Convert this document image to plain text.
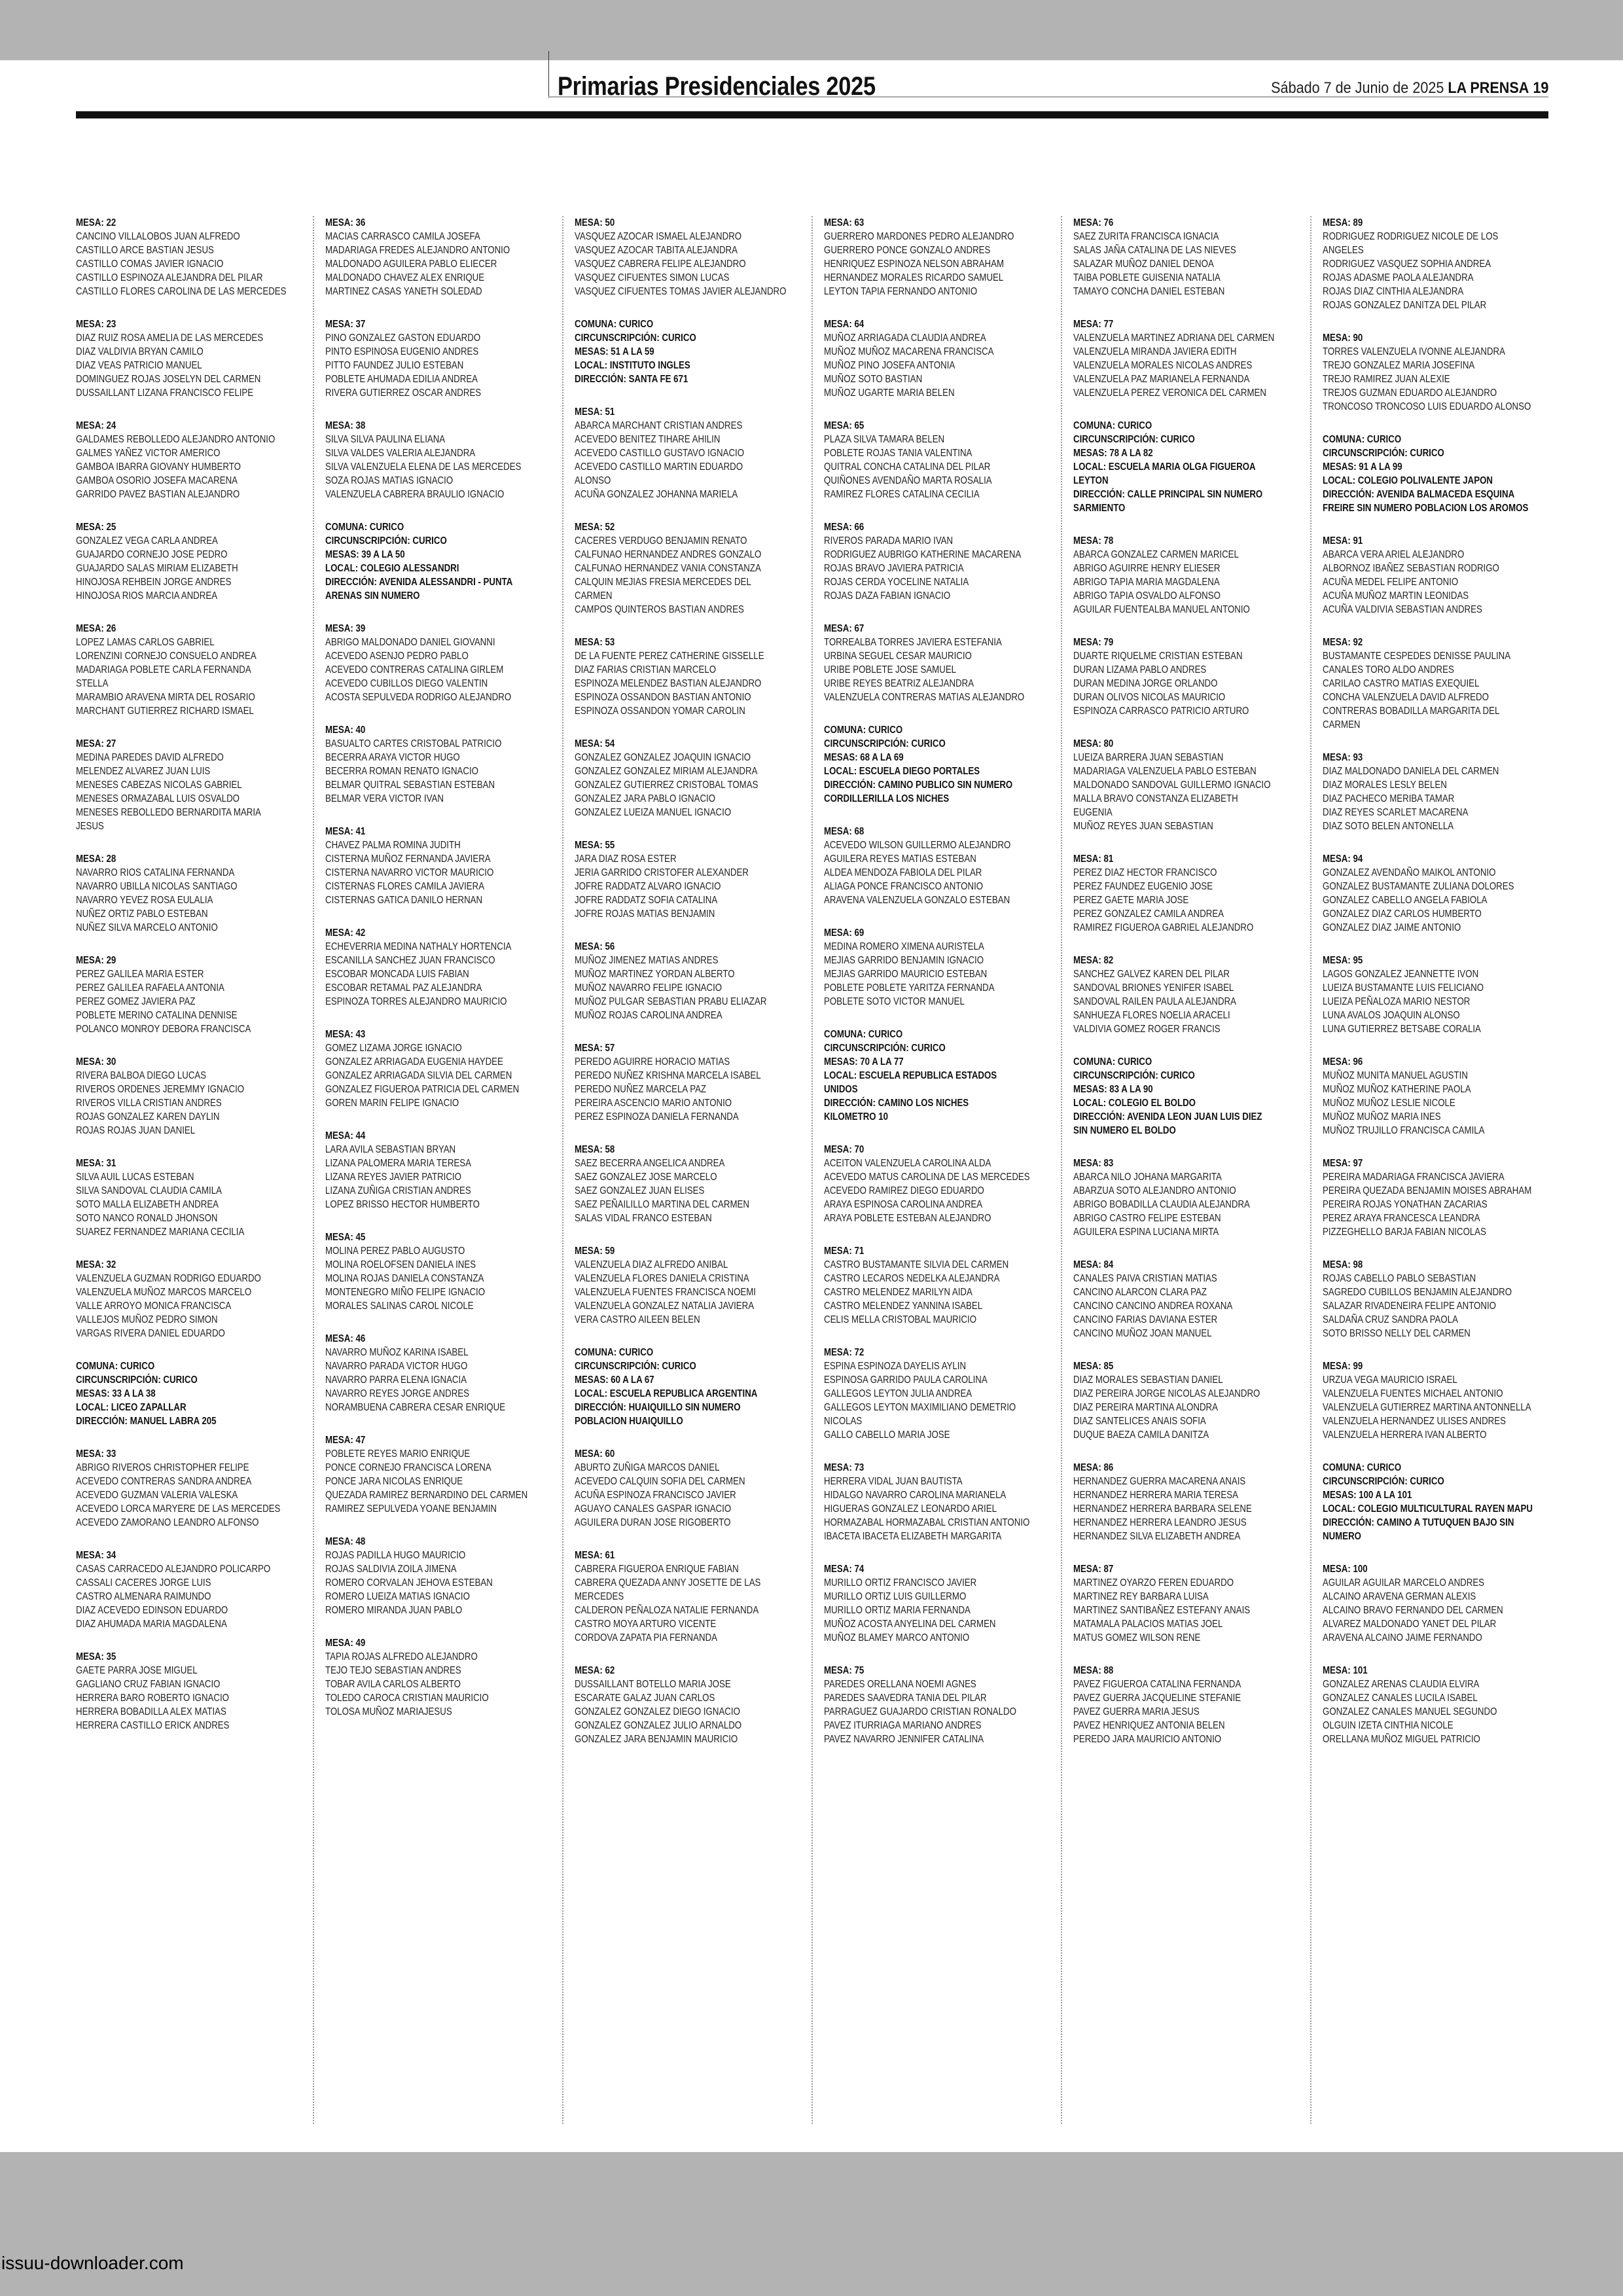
Primarias Presidenciales 2025	Sábado 7 de Junio de 2025 LA PRENSA 19
MESA: 22
CANCINO VILLALOBOS JUAN ALFREDO
CASTILLO ARCE BASTIAN JESUS
CASTILLO COMAS JAVIER IGNACIO
CASTILLO ESPINOZA ALEJANDRA DEL PILAR
CASTILLO FLORES CAROLINA DE LAS MERCEDES
MESA: 23
DIAZ RUIZ ROSA AMELIA DE LAS MERCEDES
DIAZ VALDIVIA BRYAN CAMILO
DIAZ VEAS PATRICIO MANUEL
DOMINGUEZ ROJAS JOSELYN DEL CARMEN
DUSSAILLANT LIZANA FRANCISCO FELIPE
MESA: 24
GALDAMES REBOLLEDO ALEJANDRO ANTONIO
GALMES YAÑEZ VICTOR AMERICO
GAMBOA IBARRA GIOVANY HUMBERTO
GAMBOA OSORIO JOSEFA MACARENA
GARRIDO PAVEZ BASTIAN ALEJANDRO
MESA: 25
GONZALEZ VEGA CARLA ANDREA
GUAJARDO CORNEJO JOSE PEDRO
GUAJARDO SALAS MIRIAM ELIZABETH
HINOJOSA REHBEIN JORGE ANDRES
HINOJOSA RIOS MARCIA ANDREA
MESA: 26
LOPEZ LAMAS CARLOS GABRIEL
LORENZINI CORNEJO CONSUELO ANDREA
MADARIAGA POBLETE CARLA FERNANDA
STELLA
MARAMBIO ARAVENA MIRTA DEL ROSARIO
MARCHANT GUTIERREZ RICHARD ISMAEL
MESA: 27
MEDINA PAREDES DAVID ALFREDO
MELENDEZ ALVAREZ JUAN LUIS
MENESES CABEZAS NICOLAS GABRIEL
MENESES ORMAZABAL LUIS OSVALDO
MENESES REBOLLEDO BERNARDITA MARIA
JESUS
MESA: 28
NAVARRO RIOS CATALINA FERNANDA
NAVARRO UBILLA NICOLAS SANTIAGO
NAVARRO YEVEZ ROSA EULALIA
NUÑEZ ORTIZ PABLO ESTEBAN
NUÑEZ SILVA MARCELO ANTONIO
MESA: 29
PEREZ GALILEA MARIA ESTER
PEREZ GALILEA RAFAELA ANTONIA
PEREZ GOMEZ JAVIERA PAZ
POBLETE MERINO CATALINA DENNISE
POLANCO MONROY DEBORA FRANCISCA
MESA: 30
RIVERA BALBOA DIEGO LUCAS
RIVEROS ORDENES JEREMMY IGNACIO
RIVEROS VILLA CRISTIAN ANDRES
ROJAS GONZALEZ KAREN DAYLIN
ROJAS ROJAS JUAN DANIEL
MESA: 31
SILVA AUIL LUCAS ESTEBAN
SILVA SANDOVAL CLAUDIA CAMILA
SOTO MALLA ELIZABETH ANDREA
SOTO NANCO RONALD JHONSON
SUAREZ FERNANDEZ MARIANA CECILIA
MESA: 32
VALENZUELA GUZMAN RODRIGO EDUARDO
VALENZUELA MUÑOZ MARCOS MARCELO
VALLE ARROYO MONICA FRANCISCA
VALLEJOS MUÑOZ PEDRO SIMON
VARGAS RIVERA DANIEL EDUARDO
COMUNA: CURICO
CIRCUNSCRIPCIÓN: CURICO
MESAS: 33 A LA 38
LOCAL: LICEO ZAPALLAR
DIRECCIÓN: MANUEL LABRA 205
MESA: 33
ABRIGO RIVEROS CHRISTOPHER FELIPE
ACEVEDO CONTRERAS SANDRA ANDREA
ACEVEDO GUZMAN VALERIA VALESKA
ACEVEDO LORCA MARYERE DE LAS MERCEDES
ACEVEDO ZAMORANO LEANDRO ALFONSO
MESA: 34
CASAS CARRACEDO ALEJANDRO POLICARPO
CASSALI CACERES JORGE LUIS
CASTRO ALMENARA RAIMUNDO
DIAZ ACEVEDO EDINSON EDUARDO
DIAZ AHUMADA MARIA MAGDALENA
MESA: 35
GAETE PARRA JOSE MIGUEL
GAGLIANO CRUZ FABIAN IGNACIO
HERRERA BARO ROBERTO IGNACIO
HERRERA BOBADILLA ALEX MATIAS
HERRERA CASTILLO ERICK ANDRES
MESA: 36
MACIAS CARRASCO CAMILA JOSEFA
MADARIAGA FREDES ALEJANDRO ANTONIO
MALDONADO AGUILERA PABLO ELIECER
MALDONADO CHAVEZ ALEX ENRIQUE
MARTINEZ CASAS YANETH SOLEDAD
MESA: 37
PINO GONZALEZ GASTON EDUARDO
PINTO ESPINOSA EUGENIO ANDRES
PITTO FAUNDEZ JULIO ESTEBAN
POBLETE AHUMADA EDILIA ANDREA
RIVERA GUTIERREZ OSCAR ANDRES
MESA: 38
SILVA SILVA PAULINA ELIANA
SILVA VALDES VALERIA ALEJANDRA
SILVA VALENZUELA ELENA DE LAS MERCEDES
SOZA ROJAS MATIAS IGNACIO
VALENZUELA CABRERA BRAULIO IGNACIO
COMUNA: CURICO
CIRCUNSCRIPCIÓN: CURICO
MESAS: 39 A LA 50
LOCAL: COLEGIO ALESSANDRI
DIRECCIÓN: AVENIDA ALESSANDRI - PUNTA
ARENAS SIN NUMERO
MESA: 39
ABRIGO MALDONADO DANIEL GIOVANNI
ACEVEDO ASENJO PEDRO PABLO
ACEVEDO CONTRERAS CATALINA GIRLEM
ACEVEDO CUBILLOS DIEGO VALENTIN
ACOSTA SEPULVEDA RODRIGO ALEJANDRO
MESA: 40
BASUALTO CARTES CRISTOBAL PATRICIO
BECERRA ARAYA VICTOR HUGO
BECERRA ROMAN RENATO IGNACIO
BELMAR QUITRAL SEBASTIAN ESTEBAN
BELMAR VERA VICTOR IVAN
MESA: 41
CHAVEZ PALMA ROMINA JUDITH
CISTERNA MUÑOZ FERNANDA JAVIERA
CISTERNA NAVARRO VICTOR MAURICIO
CISTERNAS FLORES CAMILA JAVIERA
CISTERNAS GATICA DANILO HERNAN
MESA: 42
ECHEVERRIA MEDINA NATHALY HORTENCIA
ESCANILLA SANCHEZ JUAN FRANCISCO
ESCOBAR MONCADA LUIS FABIAN
ESCOBAR RETAMAL PAZ ALEJANDRA
ESPINOZA TORRES ALEJANDRO MAURICIO
MESA: 43
GOMEZ LIZAMA JORGE IGNACIO
GONZALEZ ARRIAGADA EUGENIA HAYDEE
GONZALEZ ARRIAGADA SILVIA DEL CARMEN
GONZALEZ FIGUEROA PATRICIA DEL CARMEN
GOREN MARIN FELIPE IGNACIO
MESA: 44
LARA AVILA SEBASTIAN BRYAN
LIZANA PALOMERA MARIA TERESA
LIZANA REYES JAVIER PATRICIO
LIZANA ZUÑIGA CRISTIAN ANDRES
LOPEZ BRISSO HECTOR HUMBERTO
MESA: 45
MOLINA PEREZ PABLO AUGUSTO
MOLINA ROELOFSEN DANIELA INES
MOLINA ROJAS DANIELA CONSTANZA
MONTENEGRO MIÑO FELIPE IGNACIO
MORALES SALINAS CAROL NICOLE
MESA: 46
NAVARRO MUÑOZ KARINA ISABEL
NAVARRO PARADA VICTOR HUGO
NAVARRO PARRA ELENA IGNACIA
NAVARRO REYES JORGE ANDRES
NORAMBUENA CABRERA CESAR ENRIQUE
MESA: 47
POBLETE REYES MARIO ENRIQUE
PONCE CORNEJO FRANCISCA LORENA
PONCE JARA NICOLAS ENRIQUE
QUEZADA RAMIREZ BERNARDINO DEL CARMEN
RAMIREZ SEPULVEDA YOANE BENJAMIN
MESA: 48
ROJAS PADILLA HUGO MAURICIO
ROJAS SALDIVIA ZOILA JIMENA
ROMERO CORVALAN JEHOVA ESTEBAN
ROMERO LUEIZA MATIAS IGNACIO
ROMERO MIRANDA JUAN PABLO
MESA: 49
TAPIA ROJAS ALFREDO ALEJANDRO
TEJO TEJO SEBASTIAN ANDRES
TOBAR AVILA CARLOS ALBERTO
TOLEDO CAROCA CRISTIAN MAURICIO
TOLOSA MUÑOZ MARIAJESUS
MESA: 50
VASQUEZ AZOCAR ISMAEL ALEJANDRO
VASQUEZ AZOCAR TABITA ALEJANDRA
VASQUEZ CABRERA FELIPE ALEJANDRO
VASQUEZ CIFUENTES SIMON LUCAS
VASQUEZ CIFUENTES TOMAS JAVIER ALEJANDRO
COMUNA: CURICO
CIRCUNSCRIPCIÓN: CURICO
MESAS: 51 A LA 59
LOCAL: INSTITUTO INGLES
DIRECCIÓN: SANTA FE 671
MESA: 51
ABARCA MARCHANT CRISTIAN ANDRES
ACEVEDO BENITEZ TIHARE AHILIN
ACEVEDO CASTILLO GUSTAVO IGNACIO
ACEVEDO CASTILLO MARTIN EDUARDO
ALONSO
ACUÑA GONZALEZ JOHANNA MARIELA
MESA: 52
CACERES VERDUGO BENJAMIN RENATO
CALFUNAO HERNANDEZ ANDRES GONZALO
CALFUNAO HERNANDEZ VANIA CONSTANZA
CALQUIN MEJIAS FRESIA MERCEDES DEL
CARMEN
CAMPOS QUINTEROS BASTIAN ANDRES
MESA: 53
DE LA FUENTE PEREZ CATHERINE GISSELLE
DIAZ FARIAS CRISTIAN MARCELO
ESPINOZA MELENDEZ BASTIAN ALEJANDRO
ESPINOZA OSSANDON BASTIAN ANTONIO
ESPINOZA OSSANDON YOMAR CAROLIN
MESA: 54
GONZALEZ GONZALEZ JOAQUIN IGNACIO
GONZALEZ GONZALEZ MIRIAM ALEJANDRA
GONZALEZ GUTIERREZ CRISTOBAL TOMAS
GONZALEZ JARA PABLO IGNACIO
GONZALEZ LUEIZA MANUEL IGNACIO
MESA: 55
JARA DIAZ ROSA ESTER
JERIA GARRIDO CRISTOFER ALEXANDER
JOFRE RADDATZ ALVARO IGNACIO
JOFRE RADDATZ SOFIA CATALINA
JOFRE ROJAS MATIAS BENJAMIN
MESA: 56
MUÑOZ JIMENEZ MATIAS ANDRES
MUÑOZ MARTINEZ YORDAN ALBERTO
MUÑOZ NAVARRO FELIPE IGNACIO
MUÑOZ PULGAR SEBASTIAN PRABU ELIAZAR
MUÑOZ ROJAS CAROLINA ANDREA
MESA: 57
PEREDO AGUIRRE HORACIO MATIAS
PEREDO NUÑEZ KRISHNA MARCELA ISABEL
PEREDO NUÑEZ MARCELA PAZ
PEREIRA ASCENCIO MARIO ANTONIO
PEREZ ESPINOZA DANIELA FERNANDA
MESA: 58
SAEZ BECERRA ANGELICA ANDREA
SAEZ GONZALEZ JOSE MARCELO
SAEZ GONZALEZ JUAN ELISES
SAEZ PEÑAILILLO MARTINA DEL CARMEN
SALAS VIDAL FRANCO ESTEBAN
MESA: 59
VALENZUELA DIAZ ALFREDO ANIBAL
VALENZUELA FLORES DANIELA CRISTINA
VALENZUELA FUENTES FRANCISCA NOEMI
VALENZUELA GONZALEZ NATALIA JAVIERA
VERA CASTRO AILEEN BELEN
COMUNA: CURICO
CIRCUNSCRIPCIÓN: CURICO
MESAS: 60 A LA 67
LOCAL: ESCUELA REPUBLICA ARGENTINA
DIRECCIÓN: HUAIQUILLO SIN NUMERO
POBLACION HUAIQUILLO
MESA: 60
ABURTO ZUÑIGA MARCOS DANIEL
ACEVEDO CALQUIN SOFIA DEL CARMEN
ACUÑA ESPINOZA FRANCISCO JAVIER
AGUAYO CANALES GASPAR IGNACIO
AGUILERA DURAN JOSE RIGOBERTO
MESA: 61
CABRERA FIGUEROA ENRIQUE FABIAN
CABRERA QUEZADA ANNY JOSETTE DE LAS
MERCEDES
CALDERON PEÑALOZA NATALIE FERNANDA
CASTRO MOYA ARTURO VICENTE
CORDOVA ZAPATA PIA FERNANDA
MESA: 62
DUSSAILLANT BOTELLO MARIA JOSE
ESCARATE GALAZ JUAN CARLOS
GONZALEZ GONZALEZ DIEGO IGNACIO
GONZALEZ GONZALEZ JULIO ARNALDO
GONZALEZ JARA BENJAMIN MAURICIO
MESA: 63
GUERRERO MARDONES PEDRO ALEJANDRO
GUERRERO PONCE GONZALO ANDRES
HENRIQUEZ ESPINOZA NELSON ABRAHAM
HERNANDEZ MORALES RICARDO SAMUEL
LEYTON TAPIA FERNANDO ANTONIO
MESA: 64
MUÑOZ ARRIAGADA CLAUDIA ANDREA
MUÑOZ MUÑOZ MACARENA FRANCISCA
MUÑOZ PINO JOSEFA ANTONIA
MUÑOZ SOTO BASTIAN
MUÑOZ UGARTE MARIA BELEN
MESA: 65
PLAZA SILVA TAMARA BELEN
POBLETE ROJAS TANIA VALENTINA
QUITRAL CONCHA CATALINA DEL PILAR
QUIÑONES AVENDAÑO MARTA ROSALIA
RAMIREZ FLORES CATALINA CECILIA
MESA: 66
RIVEROS PARADA MARIO IVAN
RODRIGUEZ AUBRIGO KATHERINE MACARENA
ROJAS BRAVO JAVIERA PATRICIA
ROJAS CERDA YOCELINE NATALIA
ROJAS DAZA FABIAN IGNACIO
MESA: 67
TORREALBA TORRES JAVIERA ESTEFANIA
URBINA SEGUEL CESAR MAURICIO
URIBE POBLETE JOSE SAMUEL
URIBE REYES BEATRIZ ALEJANDRA
VALENZUELA CONTRERAS MATIAS ALEJANDRO
COMUNA: CURICO
CIRCUNSCRIPCIÓN: CURICO
MESAS: 68 A LA 69
LOCAL: ESCUELA DIEGO PORTALES
DIRECCIÓN: CAMINO PUBLICO SIN NUMERO
CORDILLERILLA LOS NICHES
MESA: 68
ACEVEDO WILSON GUILLERMO ALEJANDRO
AGUILERA REYES MATIAS ESTEBAN
ALDEA MENDOZA FABIOLA DEL PILAR
ALIAGA PONCE FRANCISCO ANTONIO
ARAVENA VALENZUELA GONZALO ESTEBAN
MESA: 69
MEDINA ROMERO XIMENA AURISTELA
MEJIAS GARRIDO BENJAMIN IGNACIO
MEJIAS GARRIDO MAURICIO ESTEBAN
POBLETE POBLETE YARITZA FERNANDA
POBLETE SOTO VICTOR MANUEL
COMUNA: CURICO
CIRCUNSCRIPCIÓN: CURICO
MESAS: 70 A LA 77
LOCAL: ESCUELA REPUBLICA ESTADOS
UNIDOS
DIRECCIÓN: CAMINO LOS NICHES
KILOMETRO 10
MESA: 70
ACEITON VALENZUELA CAROLINA ALDA
ACEVEDO MATUS CAROLINA DE LAS MERCEDES
ACEVEDO RAMIREZ DIEGO EDUARDO
ARAYA ESPINOSA CAROLINA ANDREA
ARAYA POBLETE ESTEBAN ALEJANDRO
MESA: 71
CASTRO BUSTAMANTE SILVIA DEL CARMEN
CASTRO LECAROS NEDELKA ALEJANDRA
CASTRO MELENDEZ MARILYN AIDA
CASTRO MELENDEZ YANNINA ISABEL
CELIS MELLA CRISTOBAL MAURICIO
MESA: 72
ESPINA ESPINOZA DAYELIS AYLIN
ESPINOSA GARRIDO PAULA CAROLINA
GALLEGOS LEYTON JULIA ANDREA
GALLEGOS LEYTON MAXIMILIANO DEMETRIO
NICOLAS
GALLO CABELLO MARIA JOSE
MESA: 73
HERRERA VIDAL JUAN BAUTISTA
HIDALGO NAVARRO CAROLINA MARIANELA
HIGUERAS GONZALEZ LEONARDO ARIEL
HORMAZABAL HORMAZABAL CRISTIAN ANTONIO
IBACETA IBACETA ELIZABETH MARGARITA
MESA: 74
MURILLO ORTIZ FRANCISCO JAVIER
MURILLO ORTIZ LUIS GUILLERMO
MURILLO ORTIZ MARIA FERNANDA
MUÑOZ ACOSTA ANYELINA DEL CARMEN
MUÑOZ BLAMEY MARCO ANTONIO
MESA: 75
PAREDES ORELLANA NOEMI AGNES
PAREDES SAAVEDRA TANIA DEL PILAR
PARRAGUEZ GUAJARDO CRISTIAN RONALDO
PAVEZ ITURRIAGA MARIANO ANDRES
PAVEZ NAVARRO JENNIFER CATALINA
MESA: 76
SAEZ ZURITA FRANCISCA IGNACIA
SALAS JAÑA CATALINA DE LAS NIEVES
SALAZAR MUÑOZ DANIEL DENOA
TAIBA POBLETE GUISENIA NATALIA
TAMAYO CONCHA DANIEL ESTEBAN
MESA: 77
VALENZUELA MARTINEZ ADRIANA DEL CARMEN
VALENZUELA MIRANDA JAVIERA EDITH
VALENZUELA MORALES NICOLAS ANDRES
VALENZUELA PAZ MARIANELA FERNANDA
VALENZUELA PEREZ VERONICA DEL CARMEN
COMUNA: CURICO
CIRCUNSCRIPCIÓN: CURICO
MESAS: 78 A LA 82
LOCAL: ESCUELA MARIA OLGA FIGUEROA
LEYTON
DIRECCIÓN: CALLE PRINCIPAL SIN NUMERO
SARMIENTO
MESA: 78
ABARCA GONZALEZ CARMEN MARICEL
ABRIGO AGUIRRE HENRY ELIESER
ABRIGO TAPIA MARIA MAGDALENA
ABRIGO TAPIA OSVALDO ALFONSO
AGUILAR FUENTEALBA MANUEL ANTONIO
MESA: 79
DUARTE RIQUELME CRISTIAN ESTEBAN
DURAN LIZAMA PABLO ANDRES
DURAN MEDINA JORGE ORLANDO
DURAN OLIVOS NICOLAS MAURICIO
ESPINOZA CARRASCO PATRICIO ARTURO
MESA: 80
LUEIZA BARRERA JUAN SEBASTIAN
MADARIAGA VALENZUELA PABLO ESTEBAN
MALDONADO SANDOVAL GUILLERMO IGNACIO
MALLA BRAVO CONSTANZA ELIZABETH
EUGENIA
MUÑOZ REYES JUAN SEBASTIAN
MESA: 81
PEREZ DIAZ HECTOR FRANCISCO
PEREZ FAUNDEZ EUGENIO JOSE
PEREZ GAETE MARIA JOSE
PEREZ GONZALEZ CAMILA ANDREA
RAMIREZ FIGUEROA GABRIEL ALEJANDRO
MESA: 82
SANCHEZ GALVEZ KAREN DEL PILAR
SANDOVAL BRIONES YENIFER ISABEL
SANDOVAL RAILEN PAULA ALEJANDRA
SANHUEZA FLORES NOELIA ARACELI
VALDIVIA GOMEZ ROGER FRANCIS
COMUNA: CURICO
CIRCUNSCRIPCIÓN: CURICO
MESAS: 83 A LA 90
LOCAL: COLEGIO EL BOLDO
DIRECCIÓN: AVENIDA LEON JUAN LUIS DIEZ
SIN NUMERO EL BOLDO
MESA: 83
ABARCA NILO JOHANA MARGARITA
ABARZUA SOTO ALEJANDRO ANTONIO
ABRIGO BOBADILLA CLAUDIA ALEJANDRA
ABRIGO CASTRO FELIPE ESTEBAN
AGUILERA ESPINA LUCIANA MIRTA
MESA: 84
CANALES PAIVA CRISTIAN MATIAS
CANCINO ALARCON CLARA PAZ
CANCINO CANCINO ANDREA ROXANA
CANCINO FARIAS DAVIANA ESTER
CANCINO MUÑOZ JOAN MANUEL
MESA: 85
DIAZ MORALES SEBASTIAN DANIEL
DIAZ PEREIRA JORGE NICOLAS ALEJANDRO
DIAZ PEREIRA MARTINA ALONDRA
DIAZ SANTELICES ANAIS SOFIA
DUQUE BAEZA CAMILA DANITZA
MESA: 86
HERNANDEZ GUERRA MACARENA ANAIS
HERNANDEZ HERRERA MARIA TERESA
HERNANDEZ HERRERA BARBARA SELENE
HERNANDEZ HERRERA LEANDRO JESUS
HERNANDEZ SILVA ELIZABETH ANDREA
MESA: 87
MARTINEZ OYARZO FEREN EDUARDO
MARTINEZ REY BARBARA LUISA
MARTINEZ SANTIBAÑEZ ESTEFANY ANAIS
MATAMALA PALACIOS MATIAS JOEL
MATUS GOMEZ WILSON RENE
MESA: 88
PAVEZ FIGUEROA CATALINA FERNANDA
PAVEZ GUERRA JACQUELINE STEFANIE
PAVEZ GUERRA MARIA JESUS
PAVEZ HENRIQUEZ ANTONIA BELEN
PEREDO JARA MAURICIO ANTONIO
MESA: 89
RODRIGUEZ RODRIGUEZ NICOLE DE LOS
ANGELES
RODRIGUEZ VASQUEZ SOPHIA ANDREA
ROJAS ADASME PAOLA ALEJANDRA
ROJAS DIAZ CINTHIA ALEJANDRA
ROJAS GONZALEZ DANITZA DEL PILAR
MESA: 90
TORRES VALENZUELA IVONNE ALEJANDRA
TREJO GONZALEZ MARIA JOSEFINA
TREJO RAMIREZ JUAN ALEXIE
TREJOS GUZMAN EDUARDO ALEJANDRO
TRONCOSO TRONCOSO LUIS EDUARDO ALONSO
COMUNA: CURICO
CIRCUNSCRIPCIÓN: CURICO
MESAS: 91 A LA 99
LOCAL: COLEGIO POLIVALENTE JAPON
DIRECCIÓN: AVENIDA BALMACEDA ESQUINA
FREIRE SIN NUMERO POBLACION LOS AROMOS
MESA: 91
ABARCA VERA ARIEL ALEJANDRO
ALBORNOZ IBAÑEZ SEBASTIAN RODRIGO
ACUÑA MEDEL FELIPE ANTONIO
ACUÑA MUÑOZ MARTIN LEONIDAS
ACUÑA VALDIVIA SEBASTIAN ANDRES
MESA: 92
BUSTAMANTE CESPEDES DENISSE PAULINA
CANALES TORO ALDO ANDRES
CARILAO CASTRO MATIAS EXEQUIEL
CONCHA VALENZUELA DAVID ALFREDO
CONTRERAS BOBADILLA MARGARITA DEL
CARMEN
MESA: 93
DIAZ MALDONADO DANIELA DEL CARMEN
DIAZ MORALES LESLY BELEN
DIAZ PACHECO MERIBA TAMAR
DIAZ REYES SCARLET MACARENA
DIAZ SOTO BELEN ANTONELLA
MESA: 94
GONZALEZ AVENDAÑO MAIKOL ANTONIO
GONZALEZ BUSTAMANTE ZULIANA DOLORES
GONZALEZ CABELLO ANGELA FABIOLA
GONZALEZ DIAZ CARLOS HUMBERTO
GONZALEZ DIAZ JAIME ANTONIO
MESA: 95
LAGOS GONZALEZ JEANNETTE IVON
LUEIZA BUSTAMANTE LUIS FELICIANO
LUEIZA PEÑALOZA MARIO NESTOR
LUNA AVALOS JOAQUIN ALONSO
LUNA GUTIERREZ BETSABE CORALIA
MESA: 96
MUÑOZ MUNITA MANUEL AGUSTIN
MUÑOZ MUÑOZ KATHERINE PAOLA
MUÑOZ MUÑOZ LESLIE NICOLE
MUÑOZ MUÑOZ MARIA INES
MUÑOZ TRUJILLO FRANCISCA CAMILA
MESA: 97
PEREIRA MADARIAGA FRANCISCA JAVIERA
PEREIRA QUEZADA BENJAMIN MOISES ABRAHAM
PEREIRA ROJAS YONATHAN ZACARIAS
PEREZ ARAYA FRANCESCA LEANDRA
PIZZEGHELLO BARJA FABIAN NICOLAS
MESA: 98
ROJAS CABELLO PABLO SEBASTIAN
SAGREDO CUBILLOS BENJAMIN ALEJANDRO
SALAZAR RIVADENEIRA FELIPE ANTONIO
SALDAÑA CRUZ SANDRA PAOLA
SOTO BRISSO NELLY DEL CARMEN
MESA: 99
URZUA VEGA MAURICIO ISRAEL
VALENZUELA FUENTES MICHAEL ANTONIO
VALENZUELA GUTIERREZ MARTINA ANTONNELLA
VALENZUELA HERNANDEZ ULISES ANDRES
VALENZUELA HERRERA IVAN ALBERTO
COMUNA: CURICO
CIRCUNSCRIPCIÓN: CURICO
MESAS: 100 A LA 101
LOCAL: COLEGIO MULTICULTURAL RAYEN MAPU
DIRECCIÓN: CAMINO A TUTUQUEN BAJO SIN
NUMERO
MESA: 100
AGUILAR AGUILAR MARCELO ANDRES
ALCAINO ARAVENA GERMAN ALEXIS
ALCAINO BRAVO FERNANDO DEL CARMEN
ALVAREZ MALDONADO YANET DEL PILAR
ARAVENA ALCAINO JAIME FERNANDO
MESA: 101
GONZALEZ ARENAS CLAUDIA ELVIRA
GONZALEZ CANALES LUCILA ISABEL
GONZALEZ CANALES MANUEL SEGUNDO
OLGUIN IZETA CINTHIA NICOLE
ORELLANA MUÑOZ MIGUEL PATRICIO
issuu-downloader.com
